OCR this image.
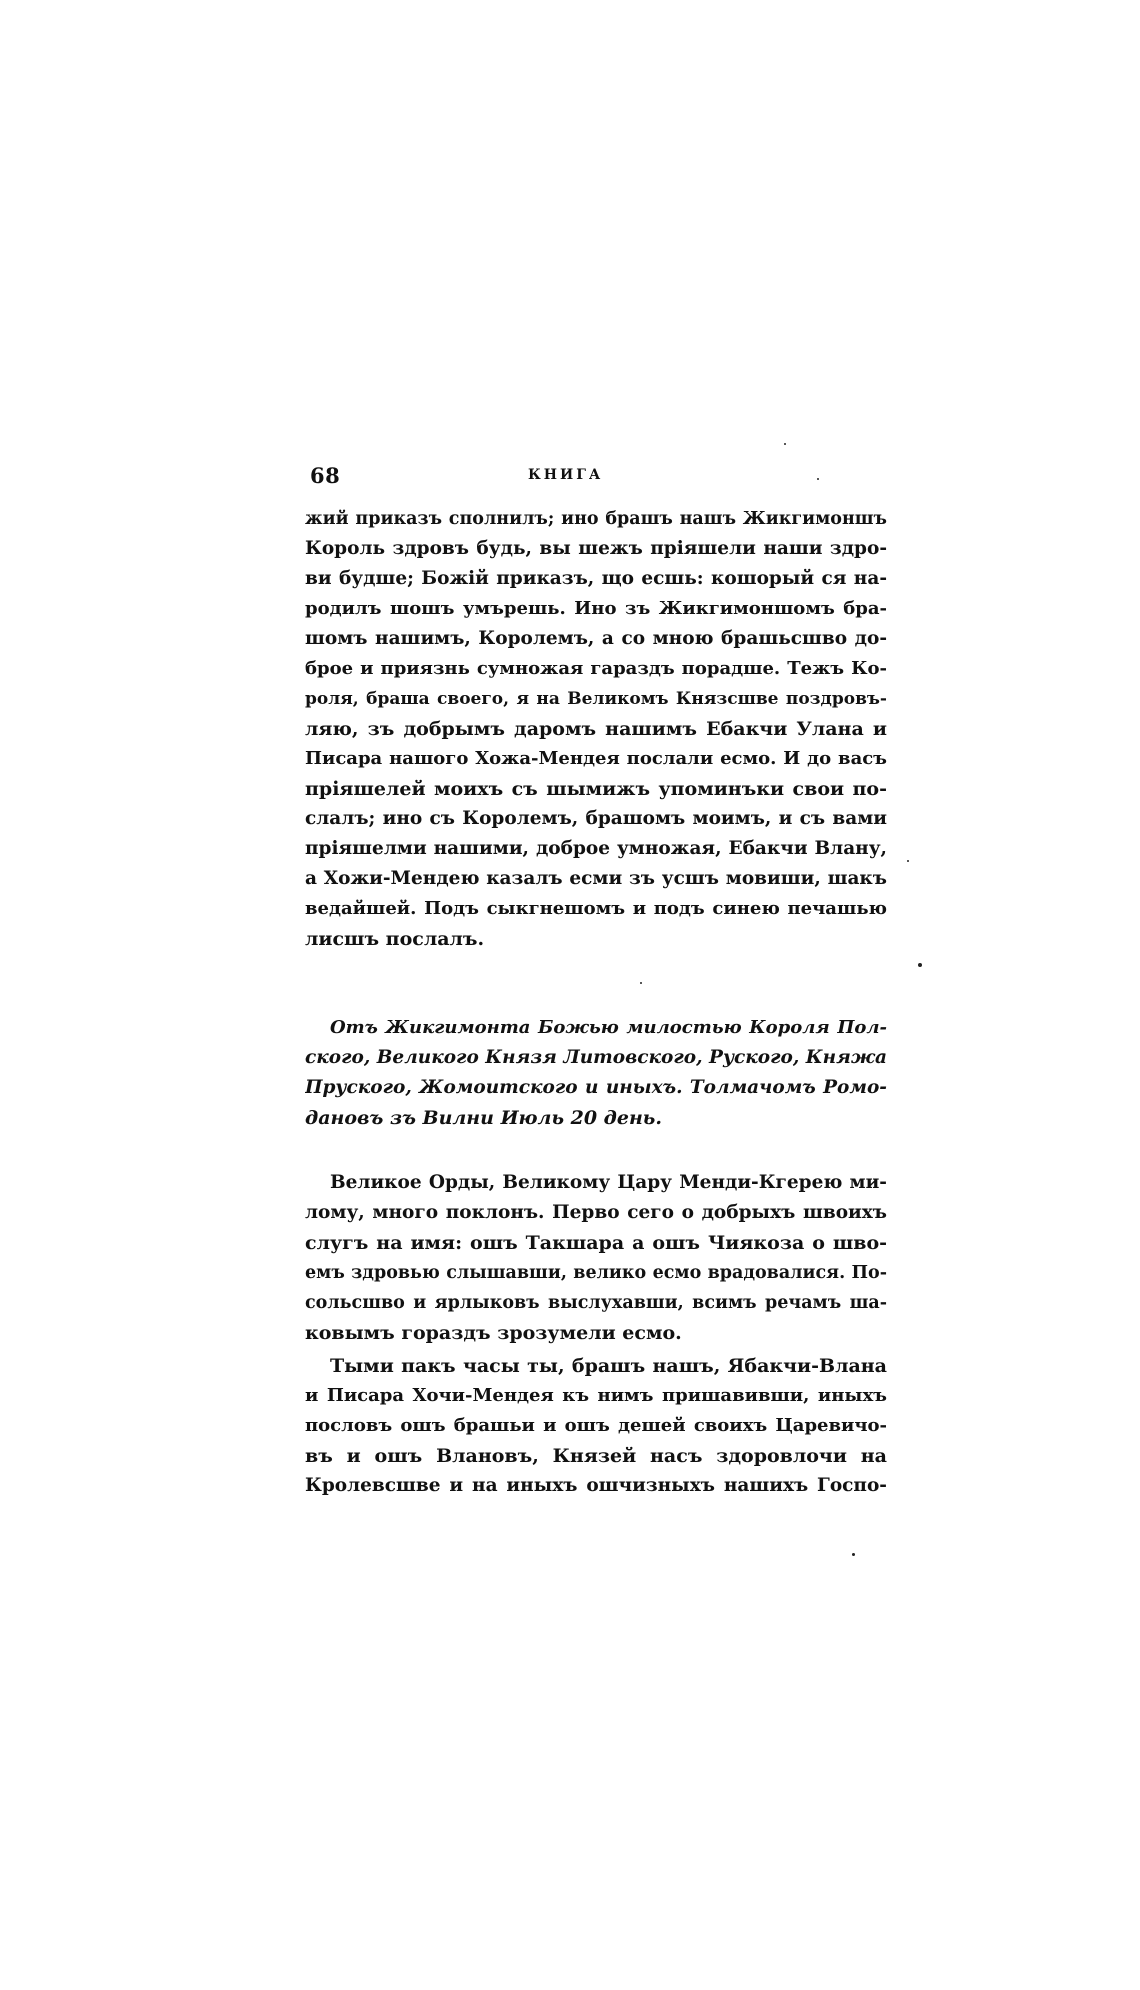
68	КНИГА
жий приказъ сполнилъ; ино брашъ нашъ Жикгимоншъ
Король здровъ будь, вы шежъ пріяшели наши здро-
ви будше; Божій приказъ, що есшь: кошорый ся на-
родилъ шошъ умърешь. Ино зъ Жикгимоншомъ бра-
шомъ нашимъ, Королемъ, а со мною брашьсшво до-
брое и приязнь сумножая гараздъ порадше. Тежъ Ко-
роля, браша своего, я на Великомъ Князсшве поздровъ-
ляю, зъ добрымъ даромъ нашимъ Ебакчи Улана и
Писара нашого Хожа-Мендея послали есмо. И до васъ
пріяшелей моихъ съ шымижъ упоминъки свои по-
слалъ; ино съ Королемъ, брашомъ моимъ, и съ вами
пріяшелми нашими, доброе умножая, Ебакчи Влану,
а Хожи-Мендею казалъ есми зъ усшъ мовиши, шакъ
ведайшей. Подъ сыкгнешомъ и подъ синею печашью
лисшъ послалъ.
Отъ Жикгимонта Божью милостью Короля Пол-
ского, Великого Князя Литовского, Руского, Княжа
Пруского, Жомоитского и иныхъ. Толмачомъ Ромо-
дановъ зъ Вилни Июль 20 день.
Великое Орды, Великому Цару Менди-Кгерею ми-
лому, много поклонъ. Перво сего о добрыхъ швоихъ
слугъ на имя: ошъ Такшара а ошъ Чиякоза о шво-
емъ здровью слышавши, велико есмо врадовалися. По-
сольсшво и ярлыковъ выслухавши, всимъ речамъ ша-
ковымъ гораздъ зрозумели есмо.
Тыми пакъ часы ты, брашъ нашъ, Ябакчи-Влана
и Писара Хочи-Мендея къ нимъ пришавивши, иныхъ
пословъ ошъ брашьи и ошъ дешей своихъ Царевичо-
въ и ошъ Влановъ, Князей насъ здоровлочи на
Кролевсшве и на иныхъ ошчизныхъ нашихъ Госпо-
